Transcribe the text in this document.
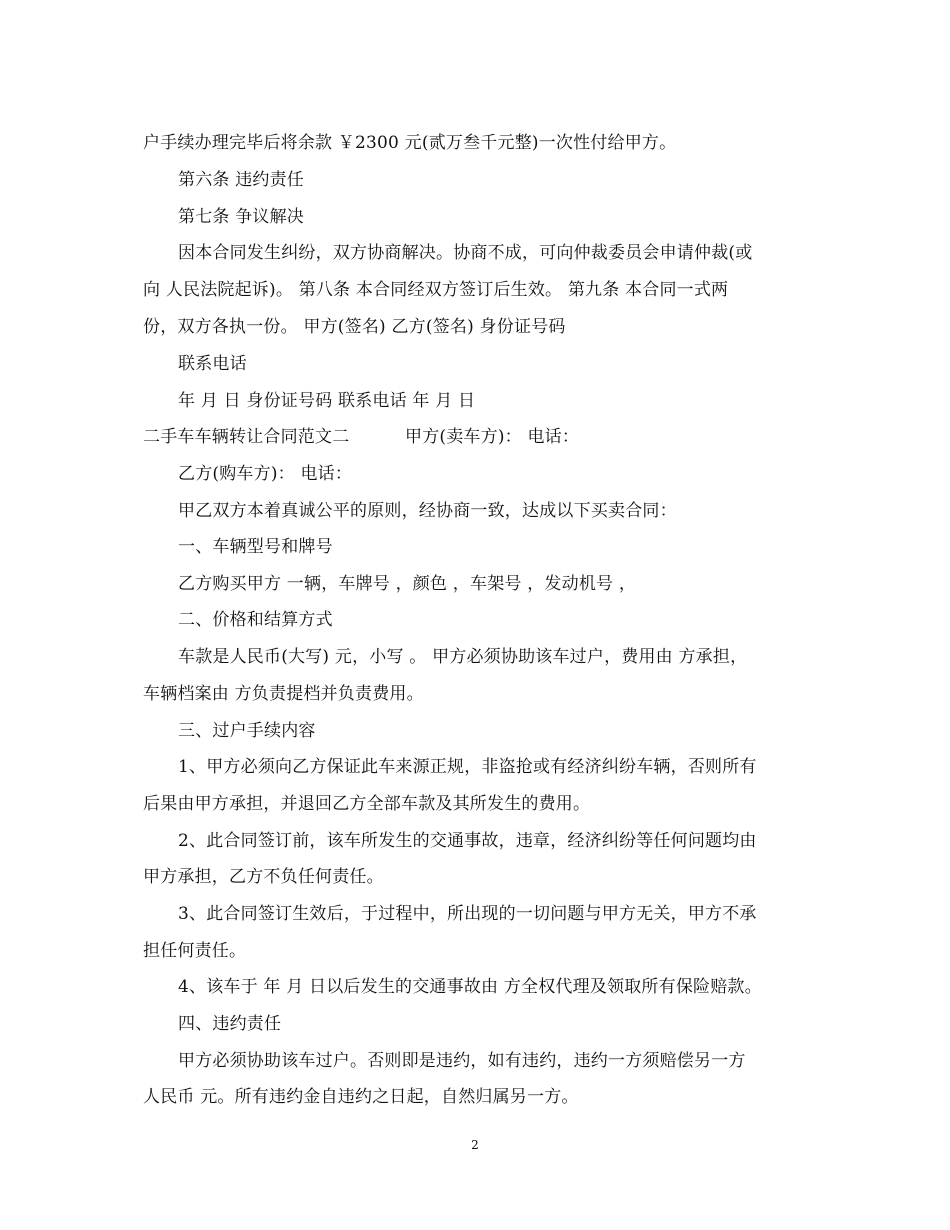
户手续办理完毕后将余款 ￥2300 元(贰万叁千元整)一次性付给甲方。
第六条 违约责任
第七条 争议解决
因本合同发生纠纷，双方协商解决。协商不成，可向仲裁委员会申请仲裁(或
向 人民法院起诉)。 第八条 本合同经双方签订后生效。 第九条 本合同一式两
份，双方各执一份。 甲方(签名) 乙方(签名) 身份证号码
联系电话
年 月 日 身份证号码 联系电话 年 月 日
二手车车辆转让合同范文二	甲方(卖车方)： 电话：
乙方(购车方)： 电话：
甲乙双方本着真诚公平的原则，经协商一致，达成以下买卖合同：
一、车辆型号和牌号
乙方购买甲方 一辆，车牌号 ，颜色 ，车架号 ，发动机号 ，
二、价格和结算方式
车款是人民币(大写) 元，小写 。 甲方必须协助该车过户，费用由 方承担，
车辆档案由 方负责提档并负责费用。
三、过户手续内容
1、甲方必须向乙方保证此车来源正规，非盗抢或有经济纠纷车辆，否则所有
后果由甲方承担，并退回乙方全部车款及其所发生的费用。
2、此合同签订前，该车所发生的交通事故，违章，经济纠纷等任何问题均由
甲方承担，乙方不负任何责任。
3、此合同签订生效后，于过程中，所出现的一切问题与甲方无关，甲方不承
担任何责任。
4、该车于 年 月 日以后发生的交通事故由 方全权代理及领取所有保险赔款。
四、违约责任
甲方必须协助该车过户。否则即是违约，如有违约，违约一方须赔偿另一方
人民币 元。所有违约金自违约之日起，自然归属另一方。
2
